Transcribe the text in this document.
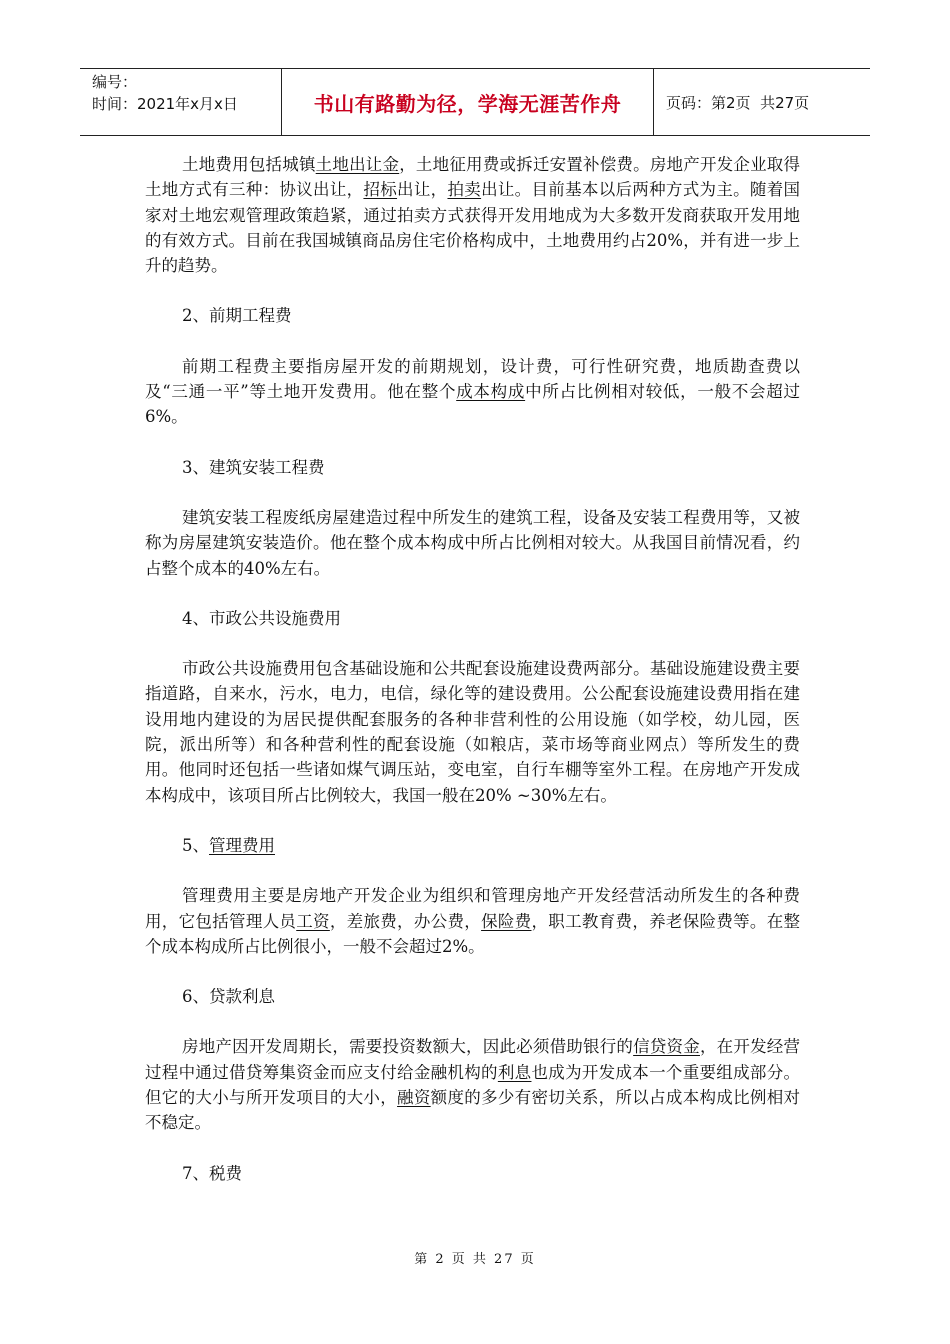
编号：
时间：2021年x月x日	书山有路勤为径，学海无涯苦作舟	页码：第2页  共27页

土地费用包括城镇土地出让金，土地征用费或拆迁安置补偿费。房地产开发企业取得土地方式有三种：协议出让，招标出让，拍卖出让。目前基本以后两种方式为主。随着国家对土地宏观管理政策趋紧，通过拍卖方式获得开发用地成为大多数开发商获取开发用地的有效方式。目前在我国城镇商品房住宅价格构成中，土地费用约占20%，并有进一步上升的趋势。

2、前期工程费

前期工程费主要指房屋开发的前期规划，设计费，可行性研究费，地质勘查费以及“三通一平”等土地开发费用。他在整个成本构成中所占比例相对较低，一般不会超过6%。

3、建筑安装工程费

建筑安装工程废纸房屋建造过程中所发生的建筑工程，设备及安装工程费用等，又被称为房屋建筑安装造价。他在整个成本构成中所占比例相对较大。从我国目前情况看，约占整个成本的40%左右。

4、市政公共设施费用

市政公共设施费用包含基础设施和公共配套设施建设费两部分。基础设施建设费主要指道路，自来水，污水，电力，电信，绿化等的建设费用。公公配套设施建设费用指在建设用地内建设的为居民提供配套服务的各种非营利性的公用设施（如学校，幼儿园，医院，派出所等）和各种营利性的配套设施（如粮店，菜市场等商业网点）等所发生的费用。他同时还包括一些诸如煤气调压站，变电室，自行车棚等室外工程。在房地产开发成本构成中，该项目所占比例较大，我国一般在20% ~30%左右。

5、管理费用

管理费用主要是房地产开发企业为组织和管理房地产开发经营活动所发生的各种费用，它包括管理人员工资，差旅费，办公费，保险费，职工教育费，养老保险费等。在整个成本构成所占比例很小，一般不会超过2%。

6、贷款利息

房地产因开发周期长，需要投资数额大，因此必须借助银行的信贷资金，在开发经营过程中通过借贷筹集资金而应支付给金融机构的利息也成为开发成本一个重要组成部分。但它的大小与所开发项目的大小，融资额度的多少有密切关系，所以占成本构成比例相对不稳定。

7、税费

第 2 页 共 27 页
